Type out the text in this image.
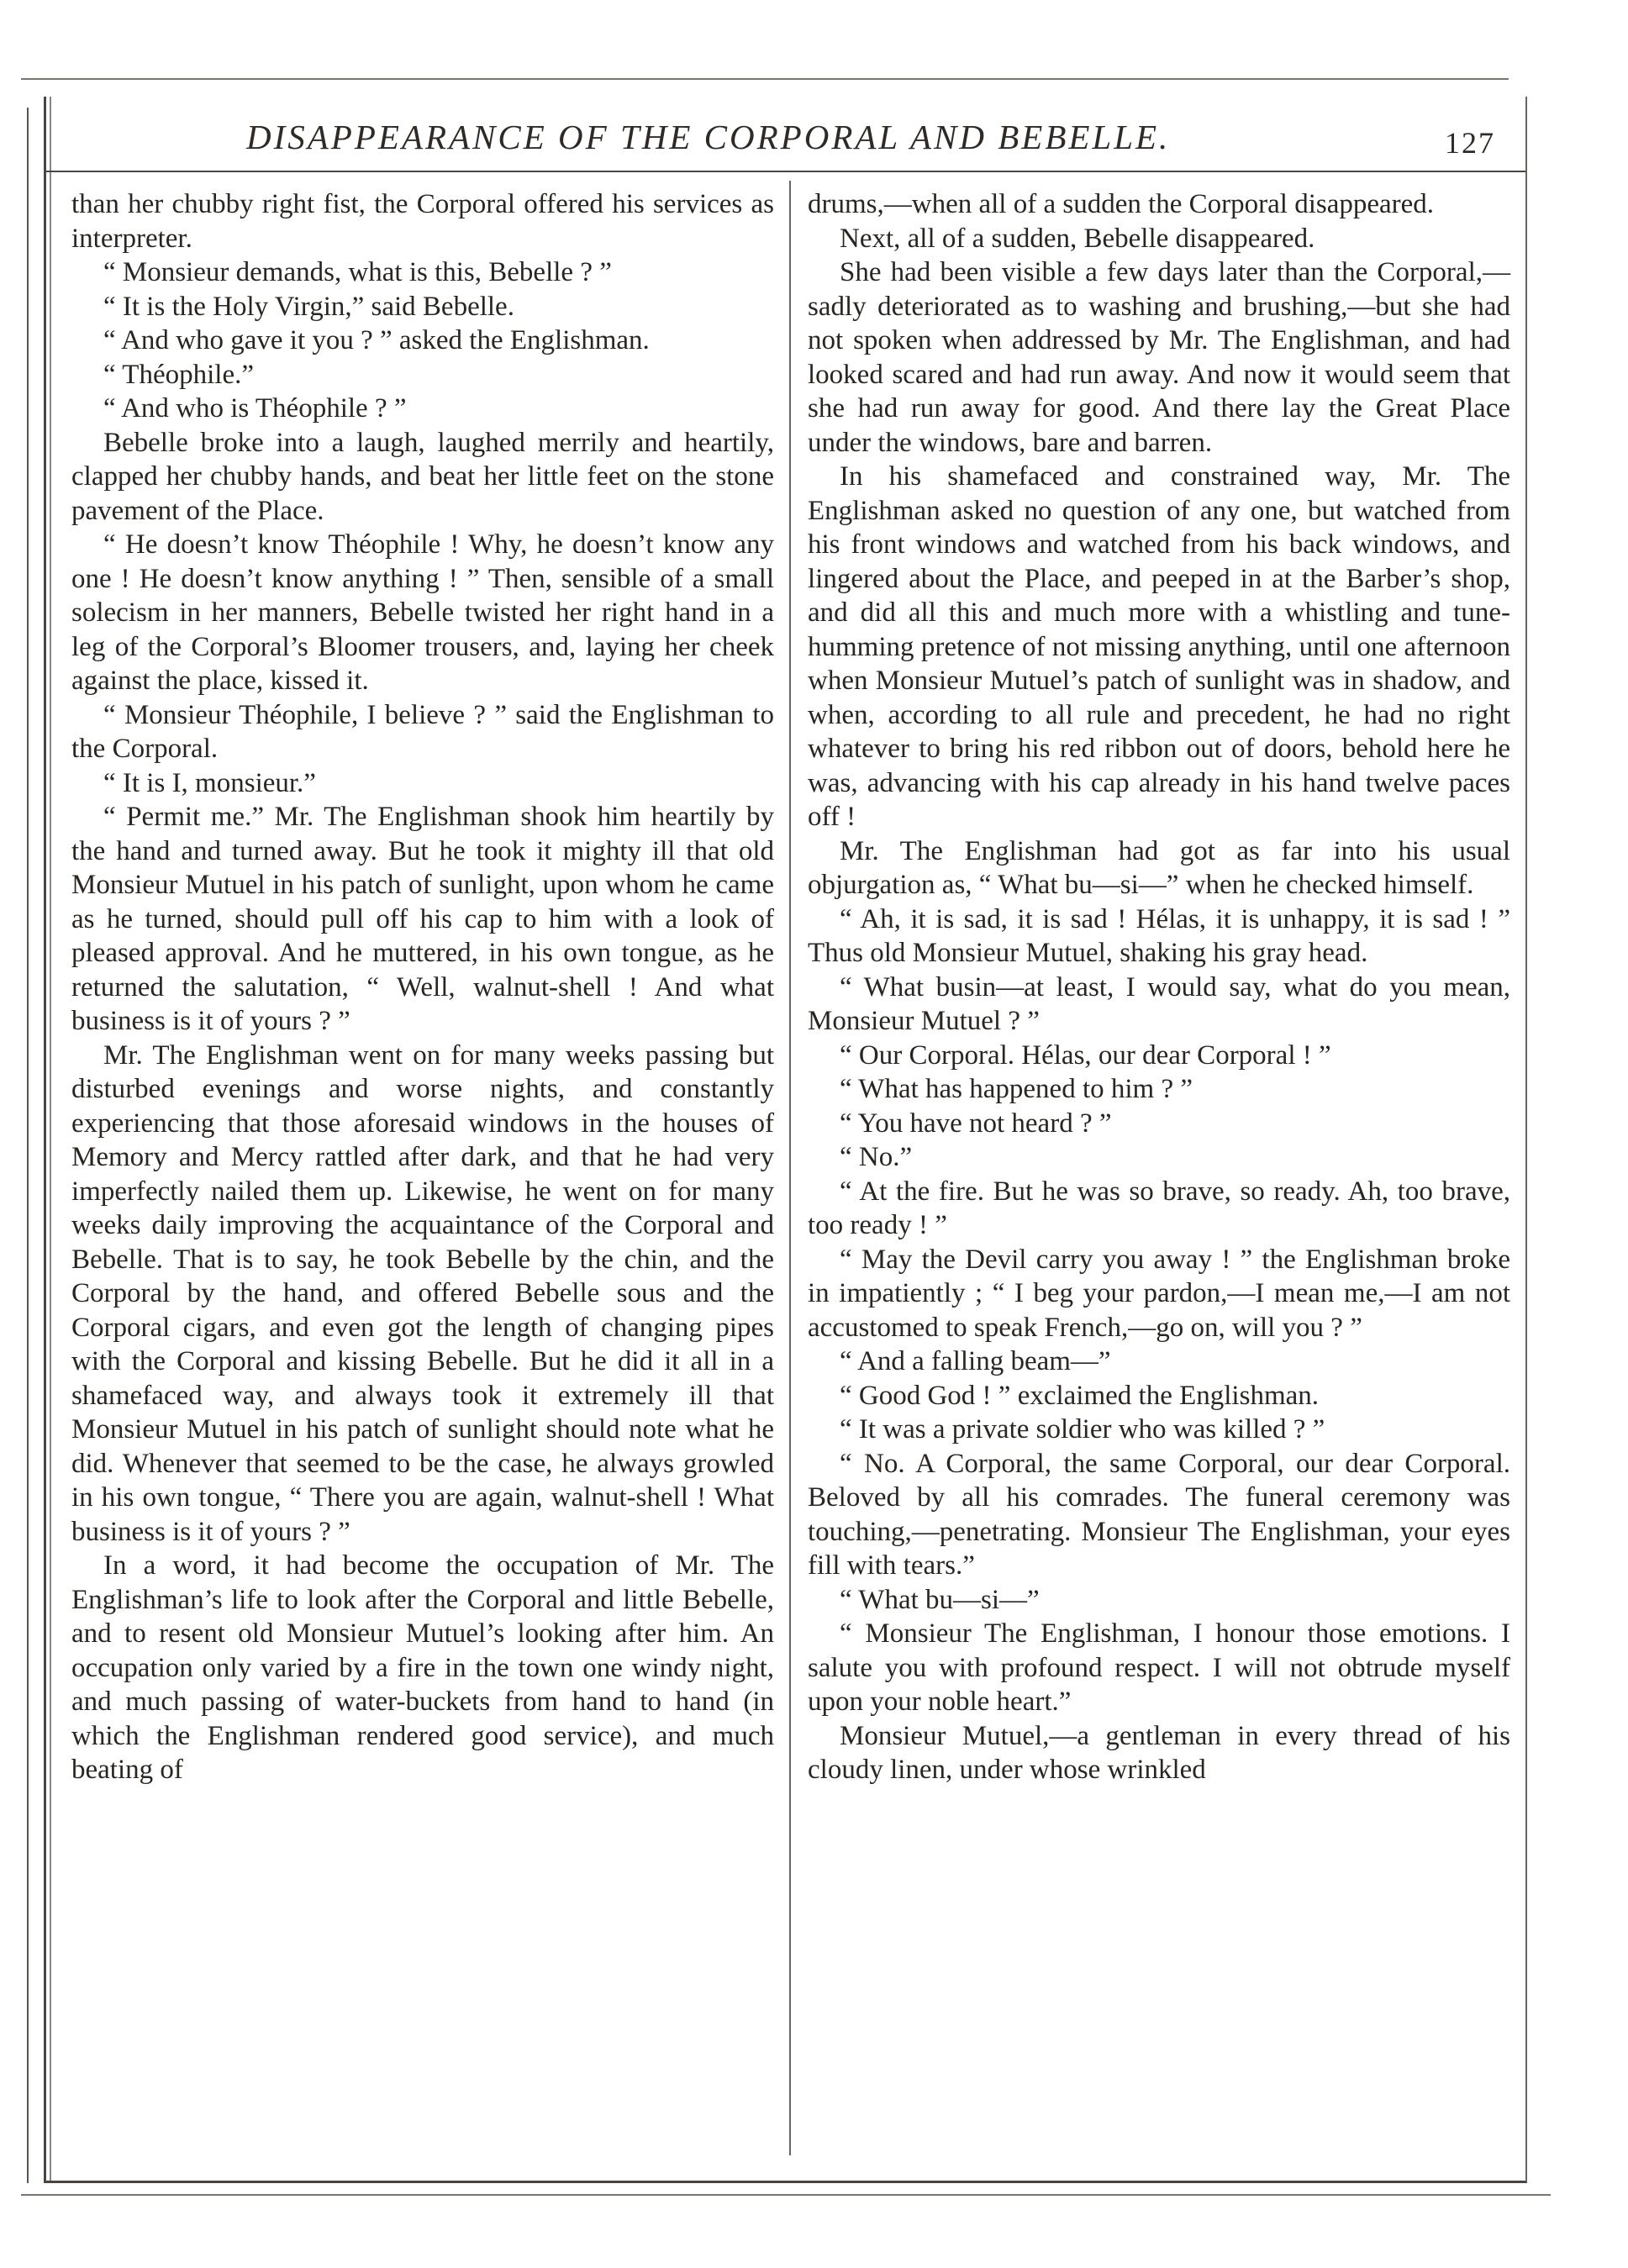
DISAPPEARANCE OF THE CORPORAL AND BEBELLE.	127

than her chubby right fist, the Corporal offered his services as interpreter.

“ Monsieur demands, what is this, Bebelle ? ”

“ It is the Holy Virgin,” said Bebelle.

“ And who gave it you ? ” asked the Englishman.

“ Théophile.”

“ And who is Théophile ? ”

Bebelle broke into a laugh, laughed merrily and heartily, clapped her chubby hands, and beat her little feet on the stone pavement of the Place.

“ He doesn’t know Théophile ! Why, he doesn’t know any one ! He doesn’t know anything ! ” Then, sensible of a small solecism in her manners, Bebelle twisted her right hand in a leg of the Corporal’s Bloomer trousers, and, laying her cheek against the place, kissed it.

“ Monsieur Théophile, I believe ? ” said the Englishman to the Corporal.

“ It is I, monsieur.”

“ Permit me.” Mr. The Englishman shook him heartily by the hand and turned away. But he took it mighty ill that old Monsieur Mutuel in his patch of sunlight, upon whom he came as he turned, should pull off his cap to him with a look of pleased approval. And he muttered, in his own tongue, as he returned the salutation, “ Well, walnut-shell ! And what business is it of yours ? ”

Mr. The Englishman went on for many weeks passing but disturbed evenings and worse nights, and constantly experiencing that those aforesaid windows in the houses of Memory and Mercy rattled after dark, and that he had very imperfectly nailed them up. Likewise, he went on for many weeks daily improving the acquaintance of the Corporal and Bebelle. That is to say, he took Bebelle by the chin, and the Corporal by the hand, and offered Bebelle sous and the Corporal cigars, and even got the length of changing pipes with the Corporal and kissing Bebelle. But he did it all in a shamefaced way, and always took it extremely ill that Monsieur Mutuel in his patch of sunlight should note what he did. Whenever that seemed to be the case, he always growled in his own tongue, “ There you are again, walnut-shell ! What business is it of yours ? ”

In a word, it had become the occupation of Mr. The Englishman’s life to look after the Corporal and little Bebelle, and to resent old Monsieur Mutuel’s looking after him. An occupation only varied by a fire in the town one windy night, and much passing of water-buckets from hand to hand (in which the Englishman rendered good service), and much beating of

drums,—when all of a sudden the Corporal disappeared.

Next, all of a sudden, Bebelle disappeared.

She had been visible a few days later than the Corporal,—sadly deteriorated as to washing and brushing,—but she had not spoken when addressed by Mr. The Englishman, and had looked scared and had run away. And now it would seem that she had run away for good. And there lay the Great Place under the windows, bare and barren.

In his shamefaced and constrained way, Mr. The Englishman asked no question of any one, but watched from his front windows and watched from his back windows, and lingered about the Place, and peeped in at the Barber’s shop, and did all this and much more with a whistling and tune-humming pretence of not missing anything, until one afternoon when Monsieur Mutuel’s patch of sunlight was in shadow, and when, according to all rule and precedent, he had no right whatever to bring his red ribbon out of doors, behold here he was, advancing with his cap already in his hand twelve paces off !

Mr. The Englishman had got as far into his usual objurgation as, “ What bu—si—” when he checked himself.

“ Ah, it is sad, it is sad ! Hélas, it is unhappy, it is sad ! ” Thus old Monsieur Mutuel, shaking his gray head.

“ What busin—at least, I would say, what do you mean, Monsieur Mutuel ? ”

“ Our Corporal. Hélas, our dear Corporal ! ”

“ What has happened to him ? ”

“ You have not heard ? ”

“ No.”

“ At the fire. But he was so brave, so ready. Ah, too brave, too ready ! ”

“ May the Devil carry you away ! ” the Englishman broke in impatiently ; “ I beg your pardon,—I mean me,—I am not accustomed to speak French,—go on, will you ? ”

“ And a falling beam—”

“ Good God ! ” exclaimed the Englishman.

“ It was a private soldier who was killed ? ”

“ No. A Corporal, the same Corporal, our dear Corporal. Beloved by all his comrades. The funeral ceremony was touching,—penetrating. Monsieur The Englishman, your eyes fill with tears.”

“ What bu—si—”

“ Monsieur The Englishman, I honour those emotions. I salute you with profound respect. I will not obtrude myself upon your noble heart.”

Monsieur Mutuel,—a gentleman in every thread of his cloudy linen, under whose wrinkled
